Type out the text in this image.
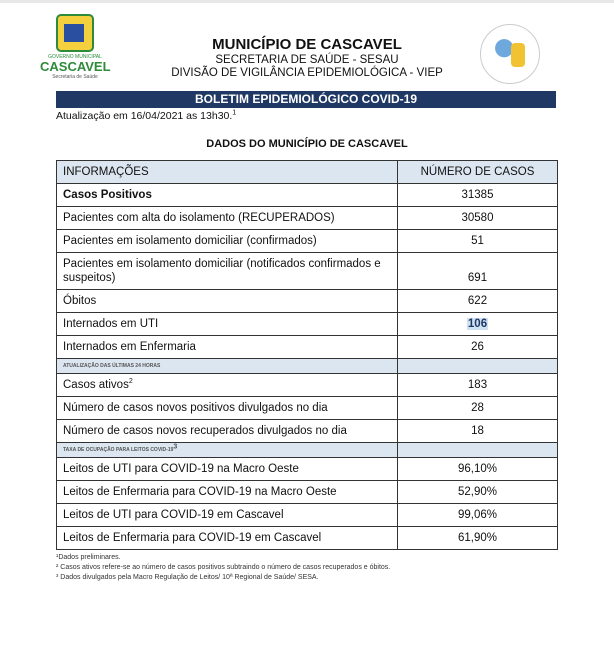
GOVERNO MUNICIPAL
CASCAVEL
Secretaria de Saúde
MUNICÍPIO DE CASCAVEL
SECRETARIA DE SAÚDE - SESAU
DIVISÃO DE VIGILÂNCIA EPIDEMIOLÓGICA - VIEP
BOLETIM EPIDEMIOLÓGICO COVID-19
Atualização em 16/04/2021 as 13h30.$^1$
DADOS DO MUNICÍPIO DE CASCAVEL
INFORMAÇÕES	NÚMERO DE CASOS
Casos Positivos	31385
Pacientes com alta do isolamento (RECUPERADOS)	30580
Pacientes em isolamento domiciliar (confirmados)	51
Pacientes em isolamento domiciliar (notificados confirmados e suspeitos)	691
Óbitos	622
Internados em UTI	106
Internados em Enfermaria	26
ATUALIZAÇÃO DAS ÚLTIMAS 24 HORAS	
Casos ativos$^2$	183
Número de casos novos positivos divulgados no dia	28
Número de casos novos recuperados divulgados no dia	18
TAXA DE OCUPAÇÃO PARA LEITOS COVID-$19^3$	
Leitos de UTI para COVID-19 na Macro Oeste	96,10%
Leitos de Enfermaria para COVID-19 na Macro Oeste	52,90%
Leitos de UTI para COVID-19 em Cascavel	99,06%
Leitos de Enfermaria para COVID-19 em Cascavel	61,90%
¹Dados preliminares.
² Casos ativos refere-se ao número de casos positivos subtraindo o número de casos recuperados e óbitos.
³ Dados divulgados pela Macro Regulação de Leitos/ 10ª Regional de Saúde/ SESA.
